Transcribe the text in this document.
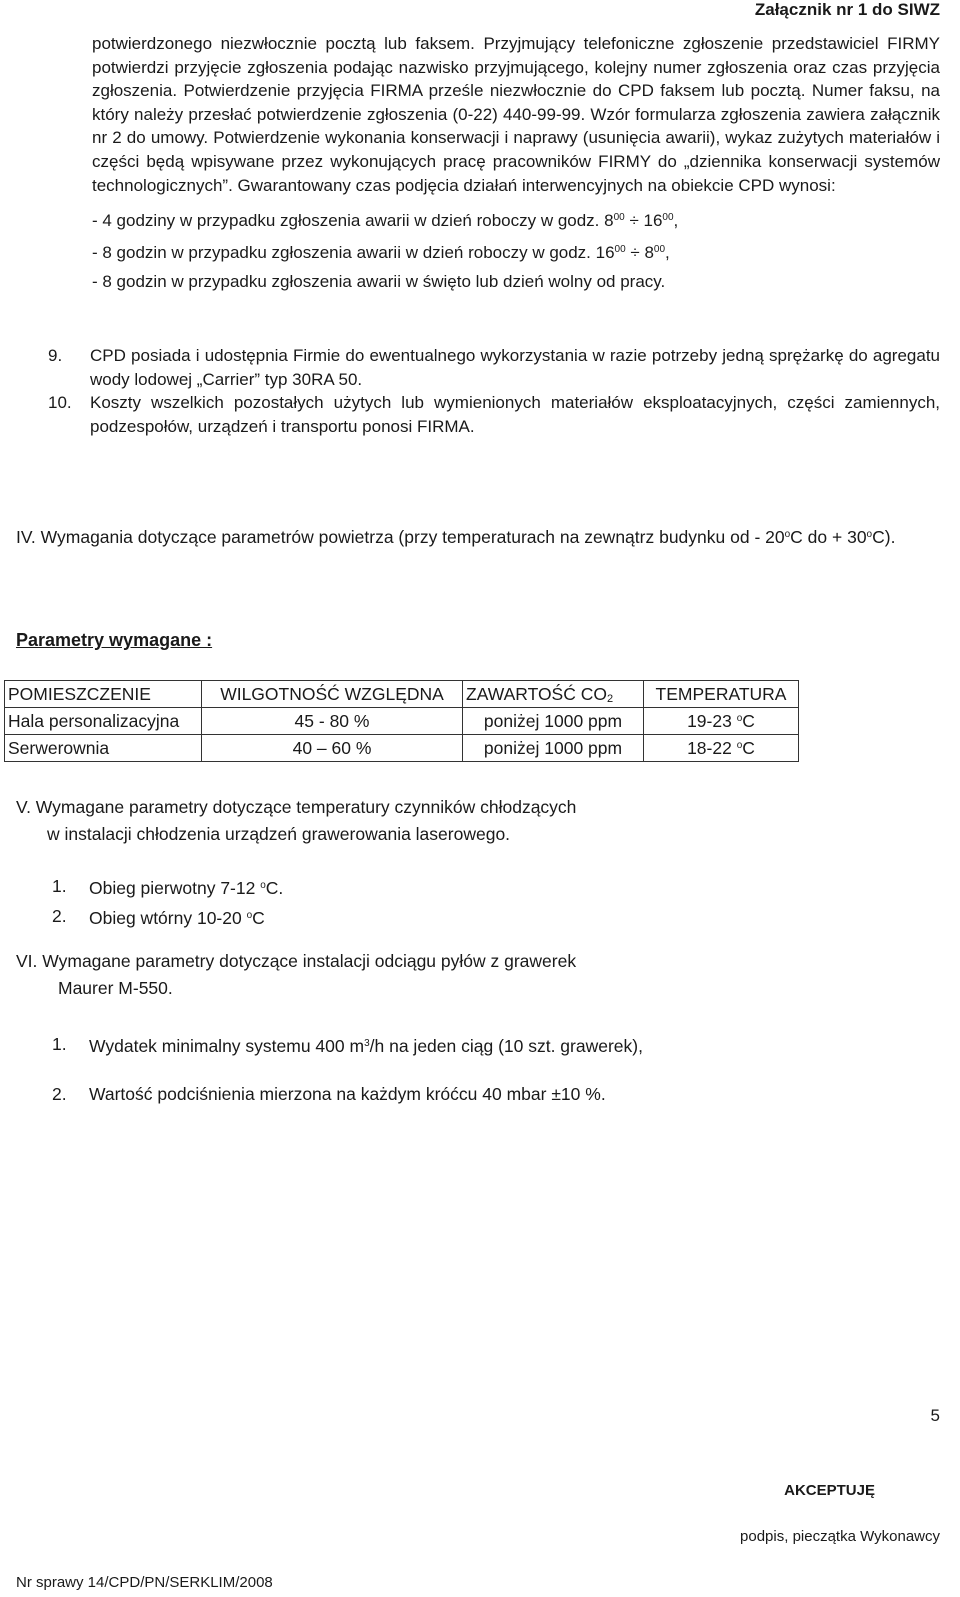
Załącznik nr 1 do SIWZ
potwierdzonego niezwłocznie pocztą lub faksem. Przyjmujący telefoniczne zgłoszenie przedstawiciel FIRMY potwierdzi przyjęcie zgłoszenia podając nazwisko przyjmującego, kolejny numer zgłoszenia oraz czas przyjęcia zgłoszenia. Potwierdzenie przyjęcia FIRMA prześle niezwłocznie do CPD faksem lub pocztą. Numer faksu, na który należy przesłać potwierdzenie zgłoszenia (0-22) 440-99-99. Wzór formularza zgłoszenia zawiera załącznik nr 2 do umowy. Potwierdzenie wykonania konserwacji i naprawy (usunięcia awarii), wykaz zużytych materiałów i części będą wpisywane przez wykonujących pracę pracowników FIRMY do „dziennika konserwacji systemów technologicznych”. Gwarantowany czas podjęcia działań interwencyjnych na obiekcie CPD wynosi:
- 4 godziny w przypadku zgłoszenia awarii w dzień roboczy w godz. $8^{00} \div 16^{00}$,
- 8 godzin w przypadku zgłoszenia awarii w dzień roboczy w godz. $16^{00} \div 8^{00}$,
- 8 godzin w przypadku zgłoszenia awarii w święto lub dzień wolny od pracy.
9.	CPD posiada i udostępnia Firmie do ewentualnego wykorzystania w razie potrzeby jedną sprężarkę do agregatu wody lodowej „Carrier” typ 30RA 50.
10.	Koszty wszelkich pozostałych użytych lub wymienionych materiałów eksploatacyjnych, części zamiennych, podzespołów, urządzeń i transportu ponosi FIRMA.
IV. Wymagania dotyczące parametrów powietrza (przy temperaturach na zewnątrz budynku od - 20$^o$C do + $30^oC$).
Parametry wymagane :
POMIESZCZENIE	WILGOTNOŚĆ WZGLĘDNA	ZAWARTOŚĆ $CO_2$	TEMPERATURA
Hala personalizacyjna	45 - 80 %	poniżej 1000 ppm	19-23 $^o$C
Serwerownia	40 – 60 %	poniżej 1000 ppm	18-22 $^o$C
V. Wymagane parametry dotyczące temperatury czynników chłodzących
w instalacji chłodzenia urządzeń grawerowania laserowego.
1.	Obieg pierwotny 7-12 $^o$C.
2.	Obieg wtórny 10-20 $^o$C
VI. Wymagane parametry dotyczące instalacji odciągu pyłów z grawerek
Maurer M-550.
1.	Wydatek minimalny systemu 400 $m^3/h$ na jeden ciąg (10 szt. grawerek),
2.	Wartość podciśnienia mierzona na każdym króćcu 40 mbar ±10 %.
5
AKCEPTUJĘ
podpis, pieczątka Wykonawcy
Nr sprawy 14/CPD/PN/SERKLIM/2008
